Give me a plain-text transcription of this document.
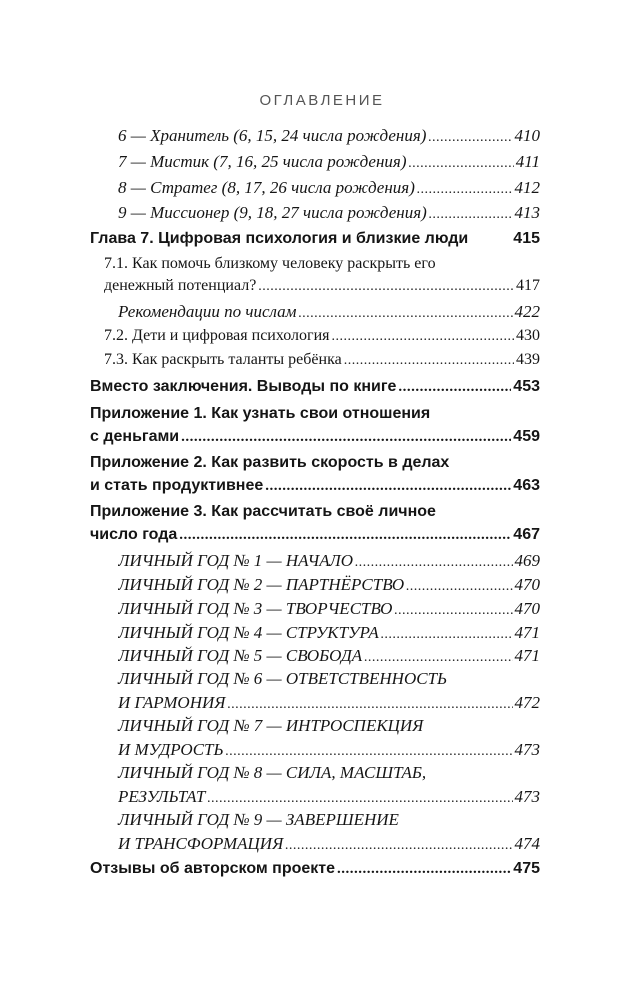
ОГЛАВЛЕНИЕ
6 — Хранитель (6, 15, 24 числа рождения) .....	410
7 — Мистик (7, 16, 25 числа рождения) .....	411
8 — Стратег (8, 17, 26 числа рождения) .....	412
9 — Миссионер (9, 18, 27 числа рождения) .....	413
Глава 7. Цифровая психология и близкие люди	415
7.1. Как помочь близкому человеку раскрыть его
денежный потенциал? .....	417
Рекомендации по числам .....	422
7.2. Дети и цифровая психология .....	430
7.3. Как раскрыть таланты ребёнка .....	439
Вместо заключения. Выводы по книге .....	453
Приложение 1. Как узнать свои отношения
с деньгами .....	459
Приложение 2. Как развить скорость в делах
и стать продуктивнее .....	463
Приложение 3. Как рассчитать своё личное
число года .....	467
ЛИЧНЫЙ ГОД № 1 — НАЧАЛО .....	469
ЛИЧНЫЙ ГОД № 2 — ПАРТНЁРСТВО .....	470
ЛИЧНЫЙ ГОД № 3 — ТВОРЧЕСТВО .....	470
ЛИЧНЫЙ ГОД № 4 — СТРУКТУРА .....	471
ЛИЧНЫЙ ГОД № 5 — СВОБОДА .....	471
ЛИЧНЫЙ ГОД № 6 — ОТВЕТСТВЕННОСТЬ
И ГАРМОНИЯ .....	472
ЛИЧНЫЙ ГОД № 7 — ИНТРОСПЕКЦИЯ
И МУДРОСТЬ .....	473
ЛИЧНЫЙ ГОД № 8 — СИЛА, МАСШТАБ,
РЕЗУЛЬТАТ .....	473
ЛИЧНЫЙ ГОД № 9 — ЗАВЕРШЕНИЕ
И ТРАНСФОРМАЦИЯ .....	474
Отзывы об авторском проекте .....	475
